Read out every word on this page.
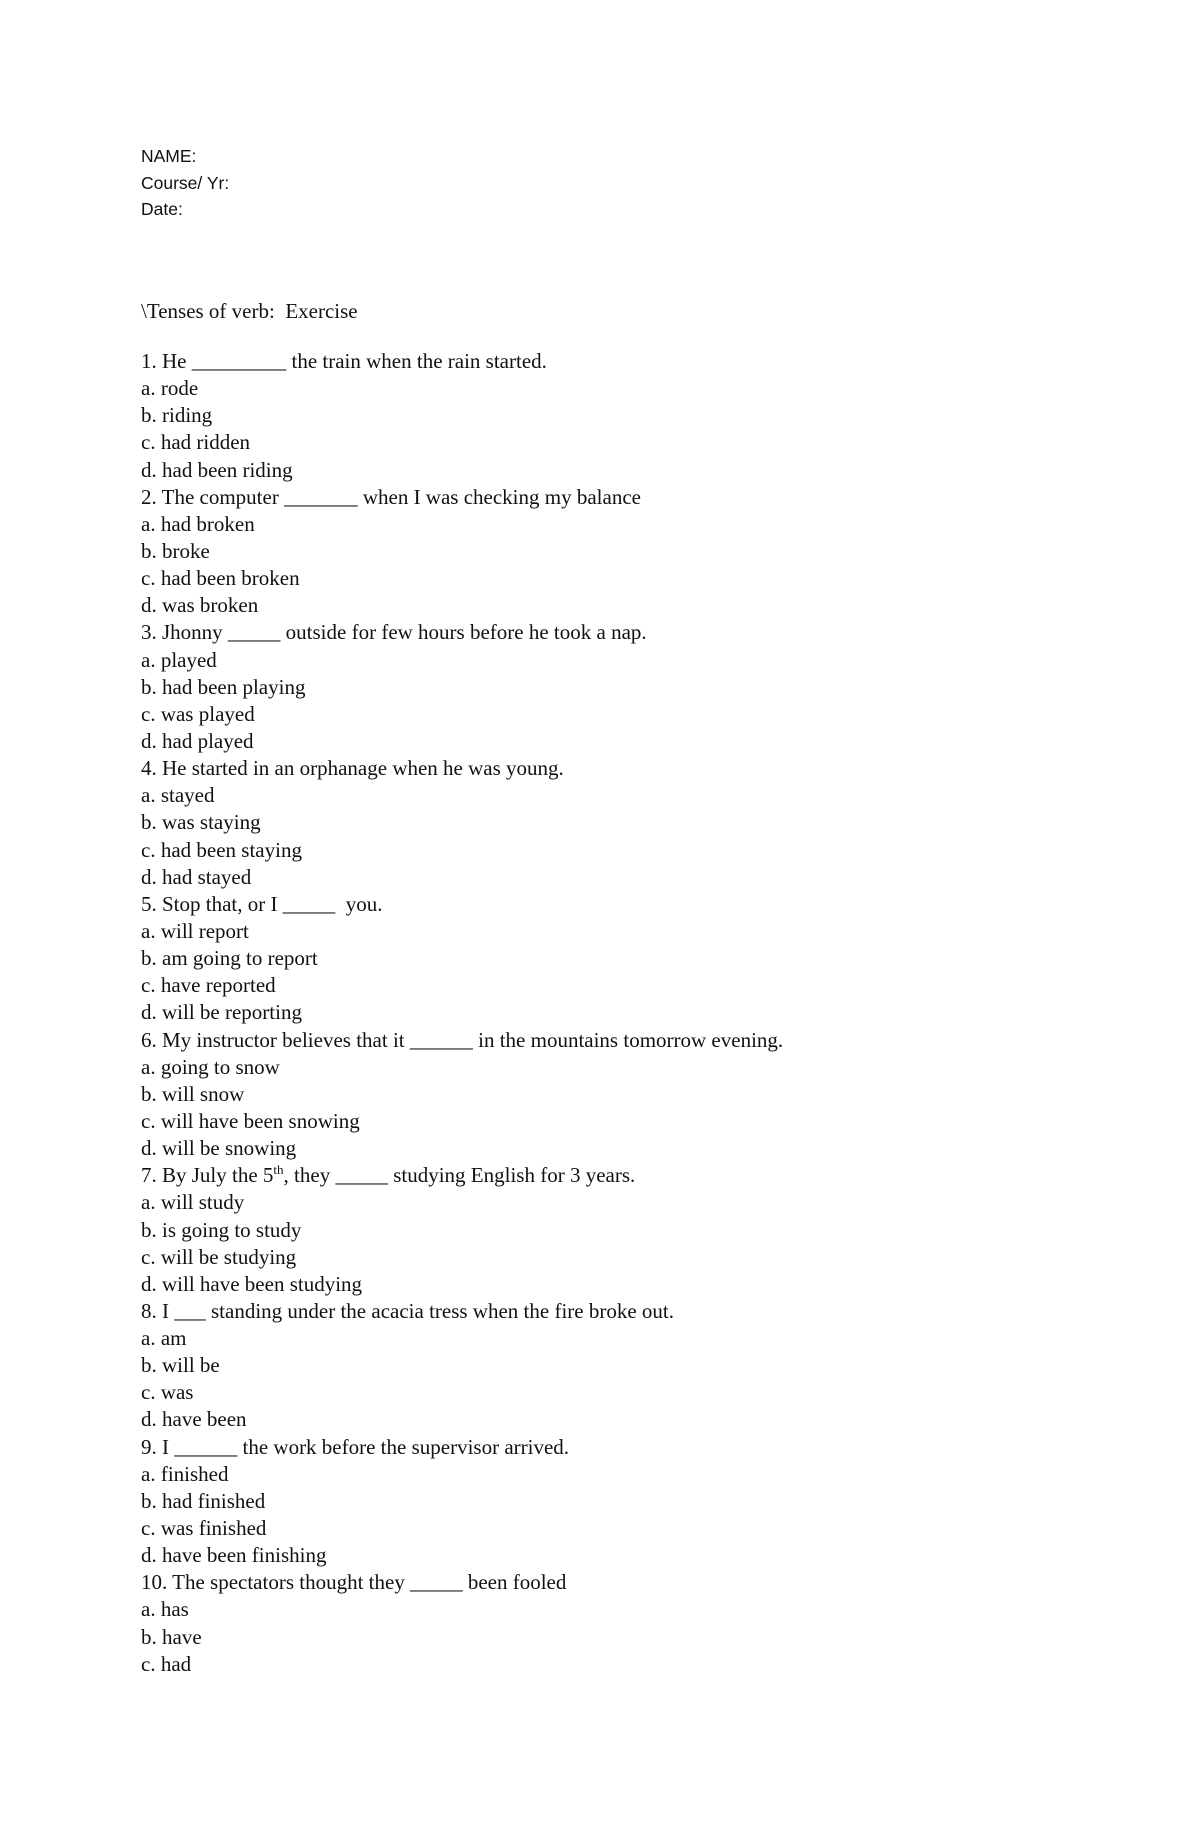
NAME:
Course/ Yr:
Date:
\Tenses of verb:  Exercise
1. He _________ the train when the rain started.
a. rode
b. riding
c. had ridden
d. had been riding
2. The computer _______ when I was checking my balance
a. had broken
b. broke
c. had been broken
d. was broken
3. Jhonny _____ outside for few hours before he took a nap.
a. played
b. had been playing
c. was played
d. had played
4. He started in an orphanage when he was young.
a. stayed
b. was staying
c. had been staying
d. had stayed
5. Stop that, or I _____  you.
a. will report
b. am going to report
c. have reported
d. will be reporting
6. My instructor believes that it ______ in the mountains tomorrow evening.
a. going to snow
b. will snow
c. will have been snowing
d. will be snowing
7. By July the 5th, they _____ studying English for 3 years.
a. will study
b. is going to study
c. will be studying
d. will have been studying
8. I ___ standing under the acacia tress when the fire broke out.
a. am
b. will be
c. was
d. have been
9. I ______ the work before the supervisor arrived.
a. finished
b. had finished
c. was finished
d. have been finishing
10. The spectators thought they _____ been fooled
a. has
b. have
c. had
